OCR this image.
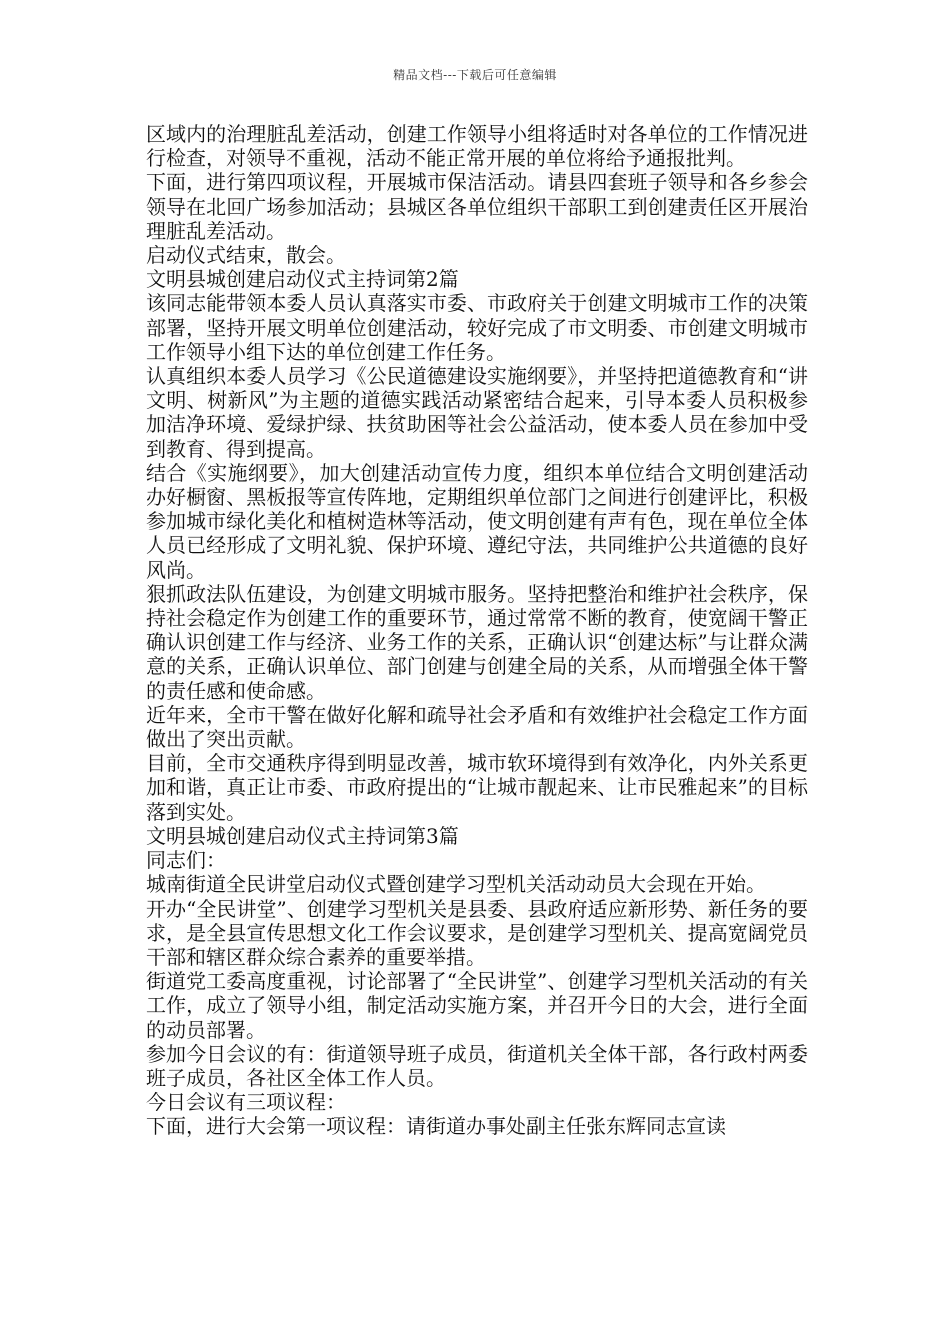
精品文档---下载后可任意编辑

区域内的治理脏乱差活动，创建工作领导小组将适时对各单位的工作情况进行检查，对领导不重视，活动不能正常开展的单位将给予通报批判。

下面，进行第四项议程，开展城市保洁活动。请县四套班子领导和各乡参会领导在北回广场参加活动；县城区各单位组织干部职工到创建责任区开展治理脏乱差活动。

启动仪式结束，散会。

文明县城创建启动仪式主持词第2篇

该同志能带领本委人员认真落实市委、市政府关于创建文明城市工作的决策部署，坚持开展文明单位创建活动，较好完成了市文明委、市创建文明城市工作领导小组下达的单位创建工作任务。

认真组织本委人员学习《公民道德建设实施纲要》，并坚持把道德教育和“讲文明、树新风”为主题的道德实践活动紧密结合起来，引导本委人员积极参加洁净环境、爱绿护绿、扶贫助困等社会公益活动，使本委人员在参加中受到教育、得到提高。

结合《实施纲要》，加大创建活动宣传力度，组织本单位结合文明创建活动办好橱窗、黑板报等宣传阵地，定期组织单位部门之间进行创建评比，积极参加城市绿化美化和植树造林等活动，使文明创建有声有色，现在单位全体人员已经形成了文明礼貌、保护环境、遵纪守法，共同维护公共道德的良好风尚。

狠抓政法队伍建设，为创建文明城市服务。坚持把整治和维护社会秩序，保持社会稳定作为创建工作的重要环节，通过常常不断的教育，使宽阔干警正确认识创建工作与经济、业务工作的关系，正确认识“创建达标”与让群众满意的关系，正确认识单位、部门创建与创建全局的关系，从而增强全体干警的责任感和使命感。

近年来，全市干警在做好化解和疏导社会矛盾和有效维护社会稳定工作方面做出了突出贡献。

目前，全市交通秩序得到明显改善，城市软环境得到有效净化，内外关系更加和谐，真正让市委、市政府提出的“让城市靓起来、让市民雅起来”的目标落到实处。

文明县城创建启动仪式主持词第3篇

同志们：

城南街道全民讲堂启动仪式暨创建学习型机关活动动员大会现在开始。

开办“全民讲堂”、创建学习型机关是县委、县政府适应新形势、新任务的要求，是全县宣传思想文化工作会议要求，是创建学习型机关、提高宽阔党员干部和辖区群众综合素养的重要举措。

街道党工委高度重视，讨论部署了“全民讲堂”、创建学习型机关活动的有关工作，成立了领导小组，制定活动实施方案，并召开今日的大会，进行全面的动员部署。

参加今日会议的有：街道领导班子成员，街道机关全体干部，各行政村两委班子成员，各社区全体工作人员。

今日会议有三项议程：

下面，进行大会第一项议程：请街道办事处副主任张东辉同志宣读
